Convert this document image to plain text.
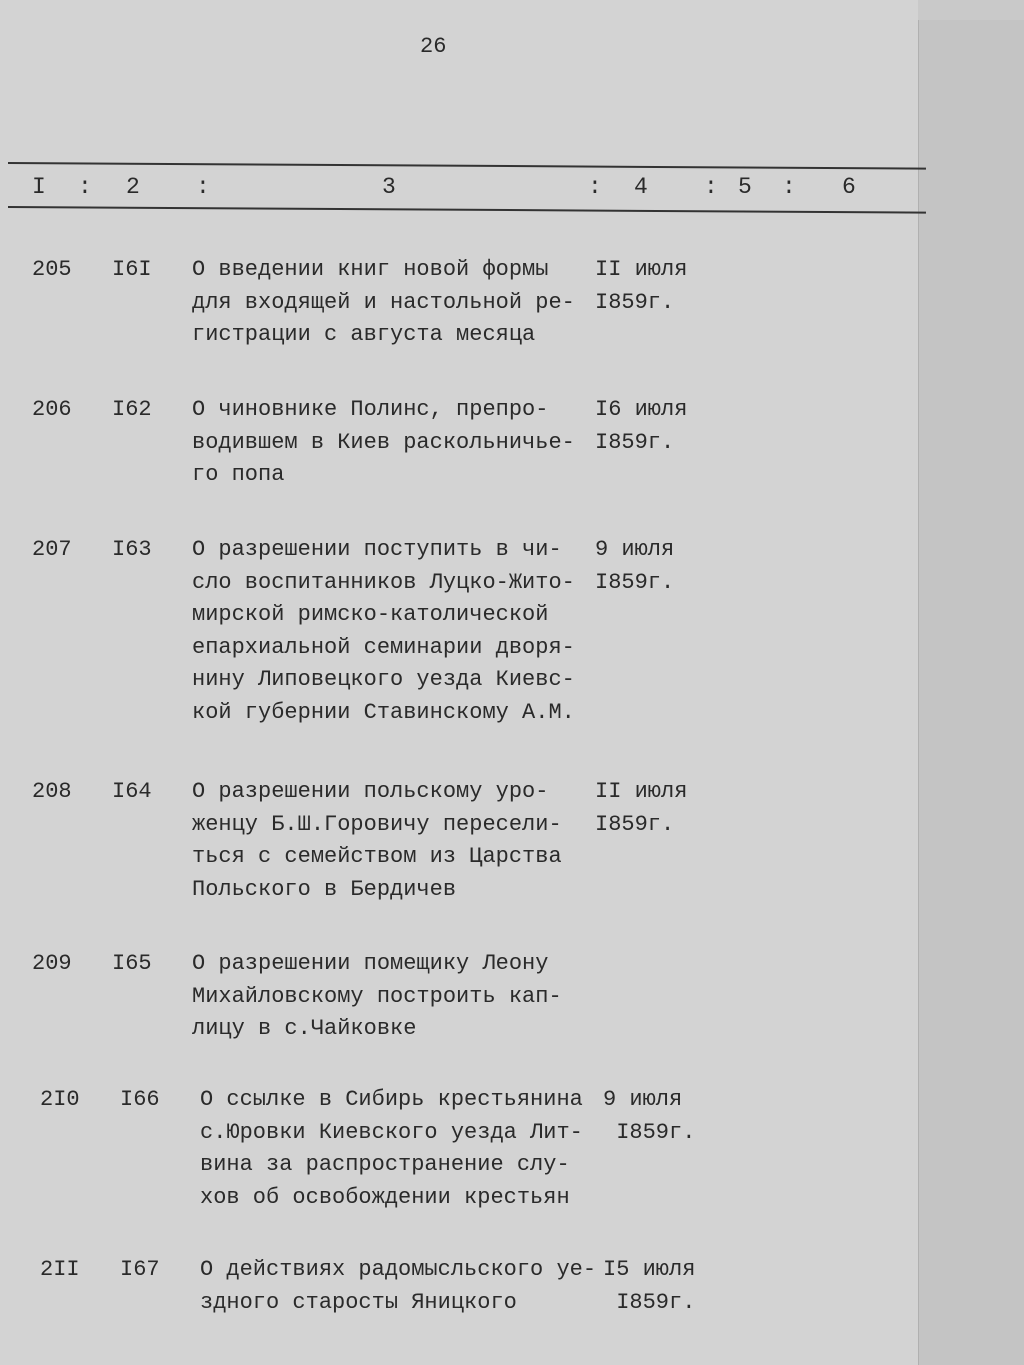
26
I : 2 :	3	: 4 : 5 : 6
205 I6I О введении книг новой формы
для входящей и настольной ре-
гистрации с августа месяца
II июля
I859г.
206 I62 О чиновнике Полинс, препро-
водившем в Киев раскольничье-
го попа
I6 июля
I859г.
207 I63 О разрешении поступить в чи-
сло воспитанников Луцко-Жито-
мирской римско-католической
епархиальной семинарии дворя-
нину Липовецкого уезда Киевс-
кой губернии Ставинскому А.М.
9 июля
I859г.
208 I64 О разрешении польскому уро-
женцу Б.Ш.Горовичу пересели-
ться с семейством из Царства
Польского в Бердичев
II июля
I859г.
209 I65 О разрешении помещику Леону
Михайловскому построить кап-
лицу в с.Чайковке
2I0 I66 О ссылке в Сибирь крестьянина
с.Юровки Киевского уезда Лит-
вина за распространение слу-
хов об освобождении крестьян
9 июля
I859г.
2II I67 О действиях радомысльского уе-
здного старосты Яницкого
I5 июля
I859г.
